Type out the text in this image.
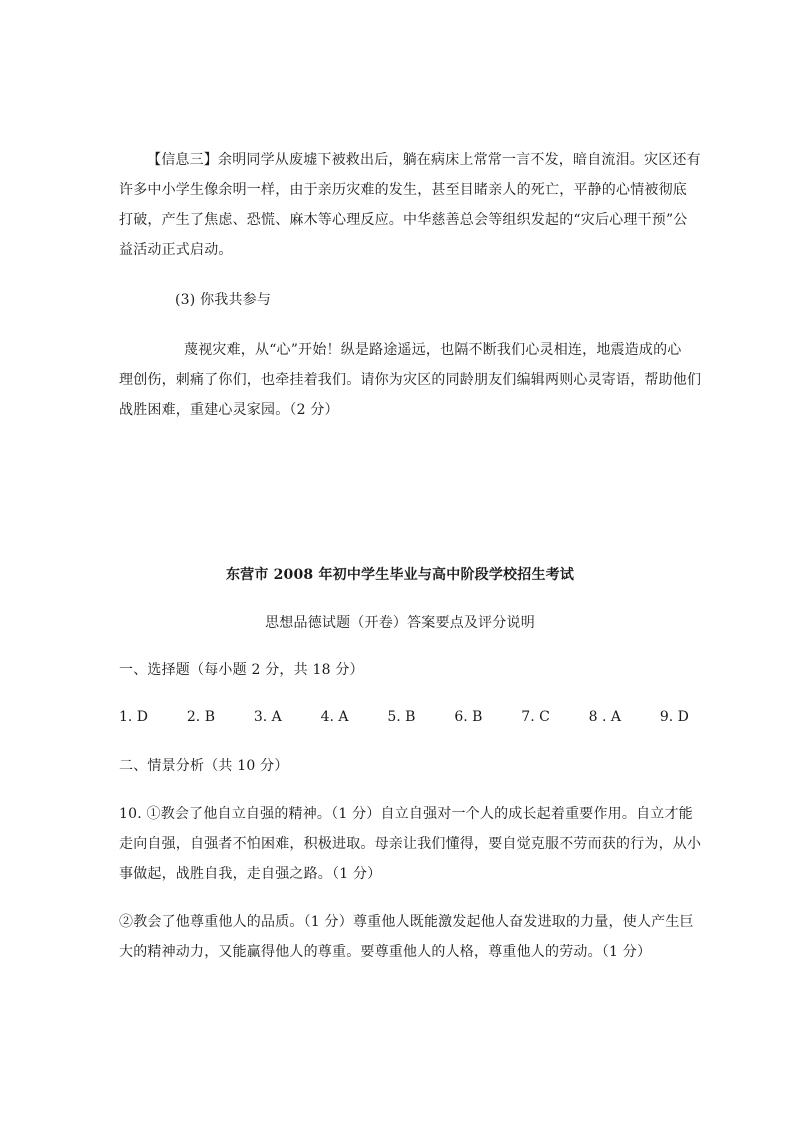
【信息三】余明同学从废墟下被救出后，躺在病床上常常一言不发，暗自流泪。灾区还有
许多中小学生像余明一样，由于亲历灾难的发生，甚至目睹亲人的死亡，平静的心情被彻底
打破，产生了焦虑、恐慌、麻木等心理反应。中华慈善总会等组织发起的“灾后心理干预”公
益活动正式启动。
(3) 你我共参与
蔑视灾难，从“心”开始！纵是路途遥远，也隔不断我们心灵相连，地震造成的心
理创伤，刺痛了你们，也牵挂着我们。请你为灾区的同龄朋友们编辑两则心灵寄语，帮助他们
战胜困难，重建心灵家园。（2 分）
东营市 2008 年初中学生毕业与高中阶段学校招生考试
思想品德试题（开卷）答案要点及评分说明
一、选择题（每小题 2 分，共 18 分）
1. D	2. B	3. A	4. A	5. B	6. B	7. C	8 . A	9. D
二、情景分析（共 10 分）
10. ①教会了他自立自强的精神。（1 分）自立自强对一个人的成长起着重要作用。自立才能
走向自强，自强者不怕困难，积极进取。母亲让我们懂得，要自觉克服不劳而获的行为，从小
事做起，战胜自我，走自强之路。（1 分）
②教会了他尊重他人的品质。（1 分）尊重他人既能激发起他人奋发进取的力量，使人产生巨
大的精神动力，又能赢得他人的尊重。要尊重他人的人格，尊重他人的劳动。（1 分）
